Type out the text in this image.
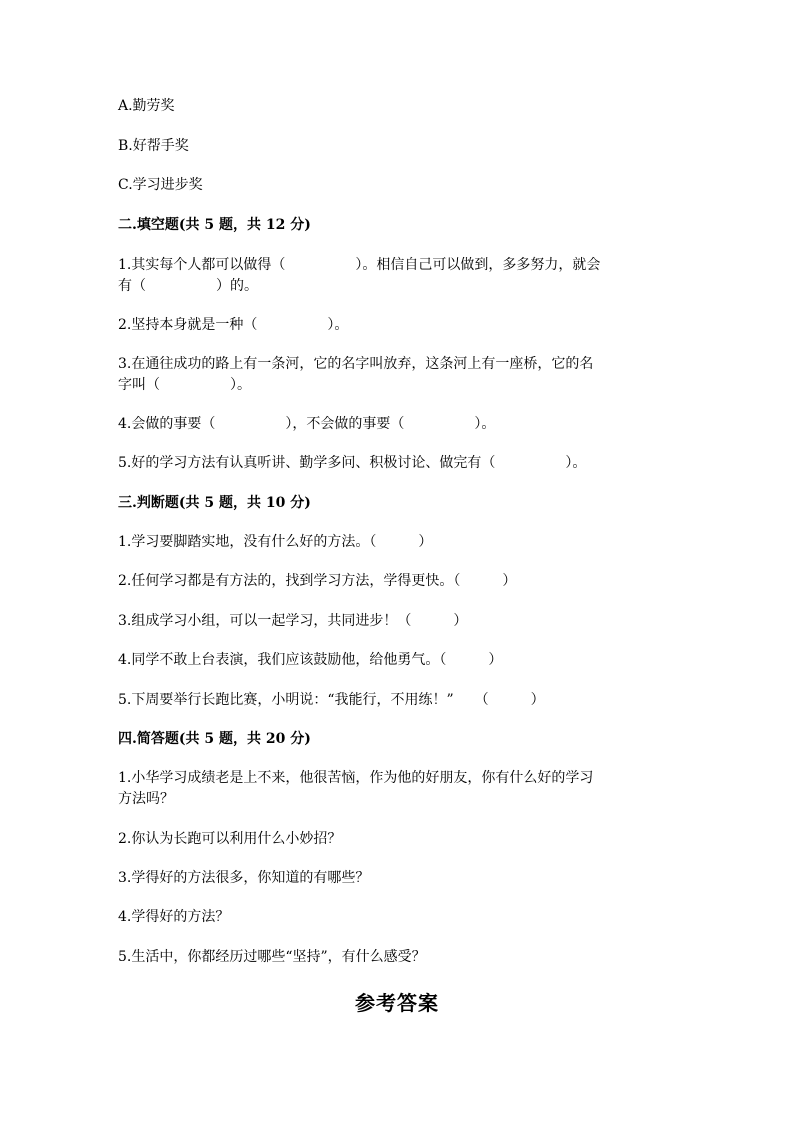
A.勤劳奖
B.好帮手奖
C.学习进步奖
二.填空题(共 5 题，共 12 分)
1.其实每个人都可以做得（　　　　　）。相信自己可以做到，多多努力，就会
有（　　　　　）的。
2.坚持本身就是一种（　　　　　）。
3.在通往成功的路上有一条河，它的名字叫放弃，这条河上有一座桥，它的名
字叫（　　　　　）。
4.会做的事要（　　　　　），不会做的事要（　　　　　）。
5.好的学习方法有认真听讲、勤学多问、积极讨论、做完有（　　　　　）。
三.判断题(共 5 题，共 10 分)
1.学习要脚踏实地，没有什么好的方法。（　　　）
2.任何学习都是有方法的，找到学习方法，学得更快。（　　　）
3.组成学习小组，可以一起学习，共同进步！（　　　）
4.同学不敢上台表演，我们应该鼓励他，给他勇气。（　　　）
5.下周要举行长跑比赛，小明说：“我能行，不用练！”　　（　　　）
四.简答题(共 5 题，共 20 分)
1.小华学习成绩老是上不来，他很苦恼，作为他的好朋友，你有什么好的学习
方法吗？
2.你认为长跑可以利用什么小妙招？
3.学得好的方法很多，你知道的有哪些？
4.学得好的方法？
5.生活中，你都经历过哪些“坚持”，有什么感受？
参考答案
